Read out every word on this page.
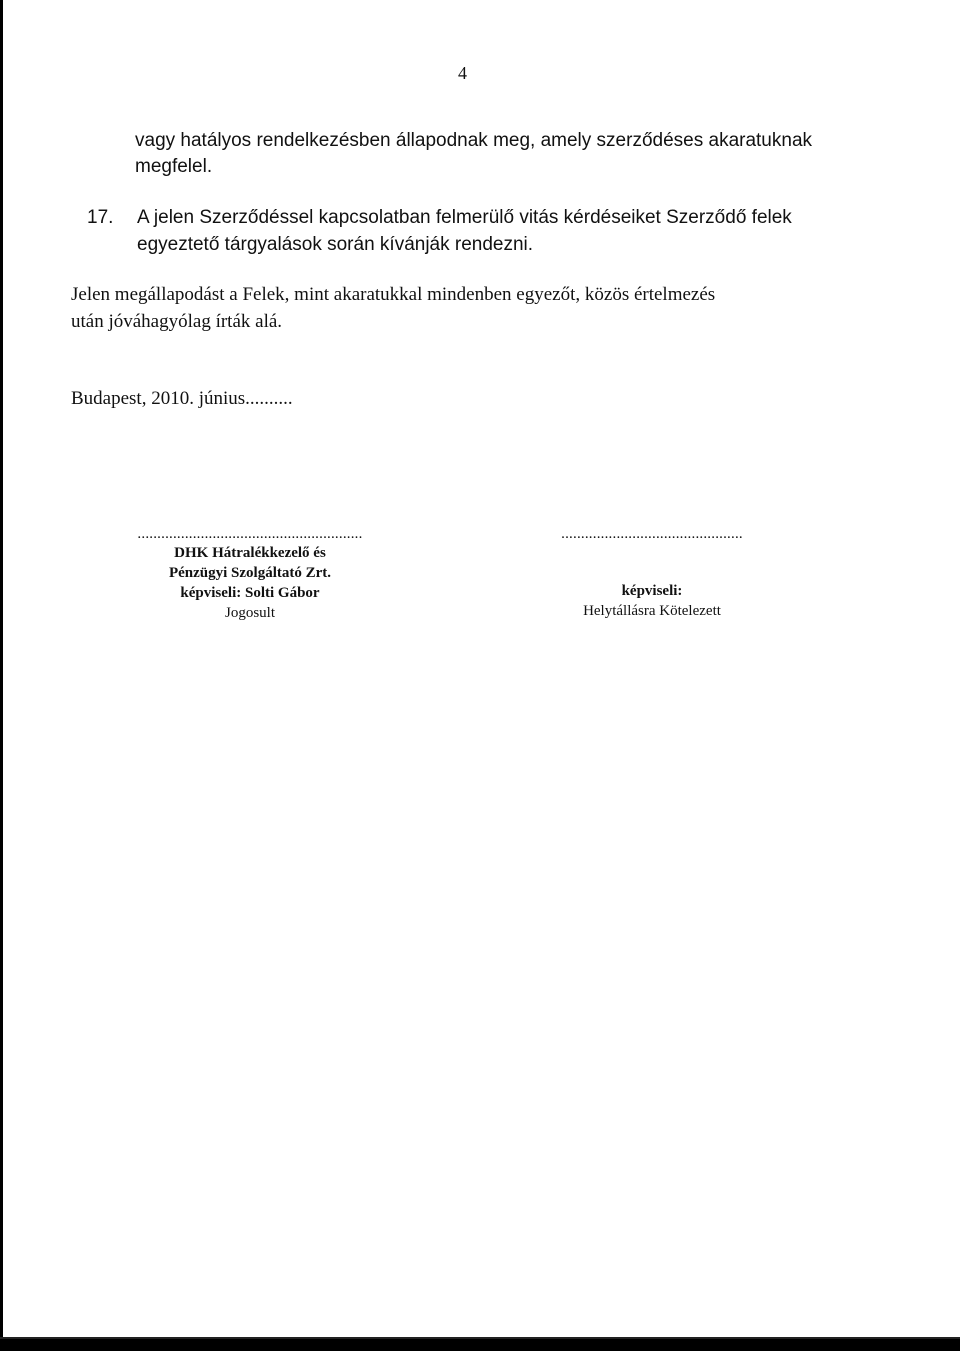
4
vagy hatályos rendelkezésben állapodnak meg, amely szerződéses akaratuknak
megfelel.
17. A jelen Szerződéssel kapcsolatban felmerülő vitás kérdéseiket Szerződő felek
egyeztető tárgyalások során kívánják rendezni.
Jelen megállapodást a Felek, mint akaratukkal mindenben egyezőt, közös értelmezés
után jóváhagyólag írták alá.
Budapest, 2010. június..........
.........................................................
DHK Hátralékkezelő és
Pénzügyi Szolgáltató Zrt.
képviseli: Solti Gábor
Jogosult
..............................................
képviseli:
Helytállásra Kötelezett
